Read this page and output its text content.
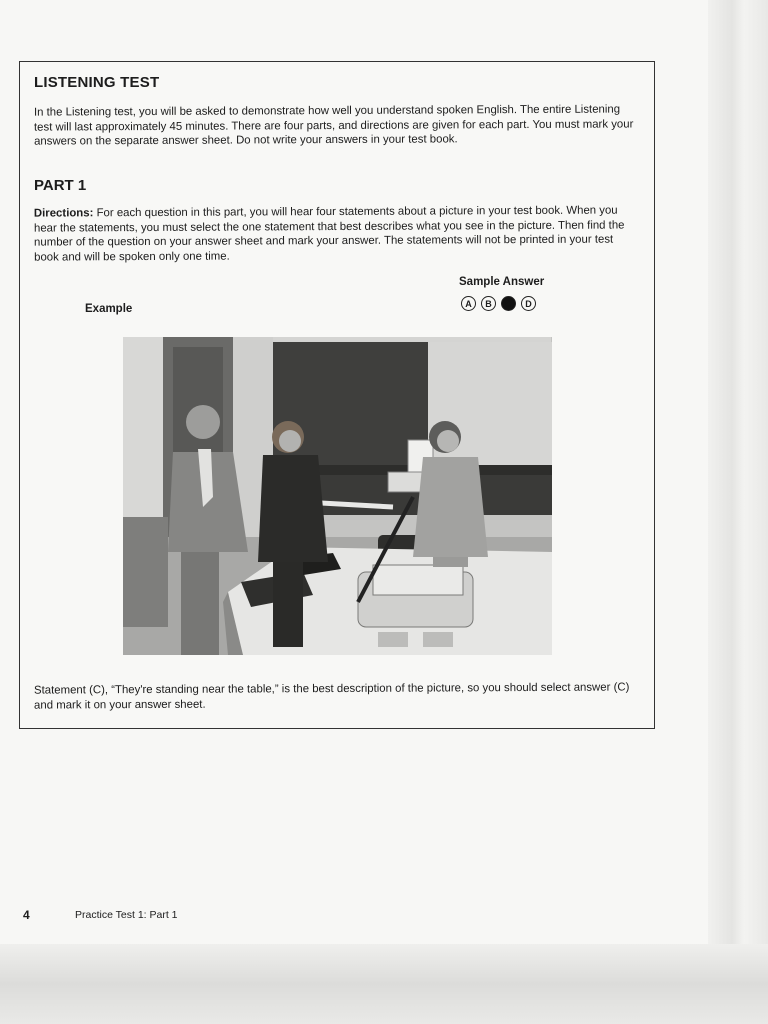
LISTENING TEST
In the Listening test, you will be asked to demonstrate how well you understand spoken English. The entire Listening test will last approximately 45 minutes. There are four parts, and directions are given for each part. You must mark your answers on the separate answer sheet. Do not write your answers in your test book.
PART 1
Directions: For each question in this part, you will hear four statements about a picture in your test book. When you hear the statements, you must select the one statement that best describes what you see in the picture. Then find the number of the question on your answer sheet and mark your answer. The statements will not be printed in your test book and will be spoken only one time.
Sample Answer
A	B	C	D
Example
Statement (C), “They're standing near the table,” is the best description of the picture, so you should select answer (C) and mark it on your answer sheet.
4	Practice Test 1: Part 1
